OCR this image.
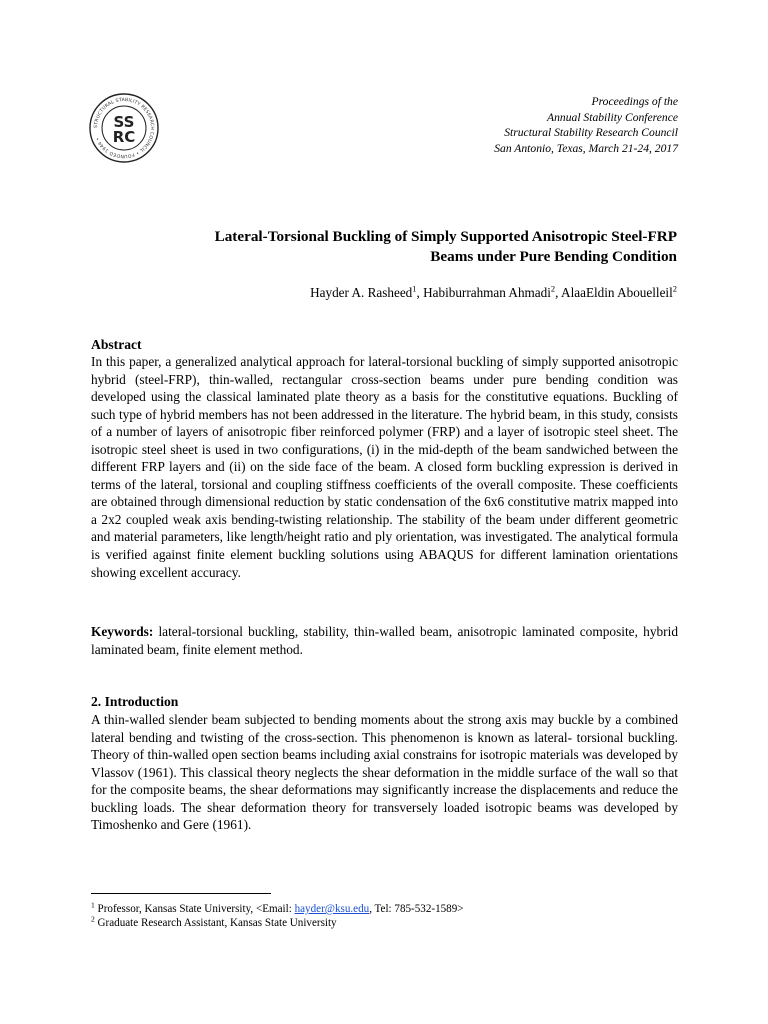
STRUCTURAL STABILITY RESEARCH COUNCIL • FOUNDED 1944 •
SS
RC
Proceedings of the
Annual Stability Conference
Structural Stability Research Council
San Antonio, Texas, March 21-24, 2017
Lateral-Torsional Buckling of Simply Supported Anisotropic Steel-FRP
Beams under Pure Bending Condition
Hayder A. Rasheed$^1$, Habiburrahman Ahmadi$^2$, AlaaEldin Abouelleil$^2$
Abstract
In this paper, a generalized analytical approach for lateral-torsional buckling of simply supported anisotropic hybrid (steel-FRP), thin-walled, rectangular cross-section beams under pure bending condition was developed using the classical laminated plate theory as a basis for the constitutive equations. Buckling of such type of hybrid members has not been addressed in the literature. The hybrid beam, in this study, consists of a number of layers of anisotropic fiber reinforced polymer (FRP) and a layer of isotropic steel sheet. The isotropic steel sheet is used in two configurations, (i) in the mid-depth of the beam sandwiched between the different FRP layers and (ii) on the side face of the beam. A closed form buckling expression is derived in terms of the lateral, torsional and coupling stiffness coefficients of the overall composite. These coefficients are obtained through dimensional reduction by static condensation of the 6x6 constitutive matrix mapped into a 2x2 coupled weak axis bending-twisting relationship. The stability of the beam under different geometric and material parameters, like length/height ratio and ply orientation, was investigated. The analytical formula is verified against finite element buckling solutions using ABAQUS for different lamination orientations showing excellent accuracy.
Keywords: lateral-torsional buckling, stability, thin-walled beam, anisotropic laminated composite, hybrid laminated beam, finite element method.
2. Introduction
A thin-walled slender beam subjected to bending moments about the strong axis may buckle by a combined lateral bending and twisting of the cross-section. This phenomenon is known as lateral- torsional buckling. Theory of thin-walled open section beams including axial constrains for isotropic materials was developed by Vlassov (1961). This classical theory neglects the shear deformation in the middle surface of the wall so that for the composite beams, the shear deformations may significantly increase the displacements and reduce the buckling loads. The shear deformation theory for transversely loaded isotropic beams was developed by Timoshenko and Gere (1961).
$^1$ Professor, Kansas State University, <Email: hayder@ksu.edu, Tel: 785-532-1589>
$^2$ Graduate Research Assistant, Kansas State University
